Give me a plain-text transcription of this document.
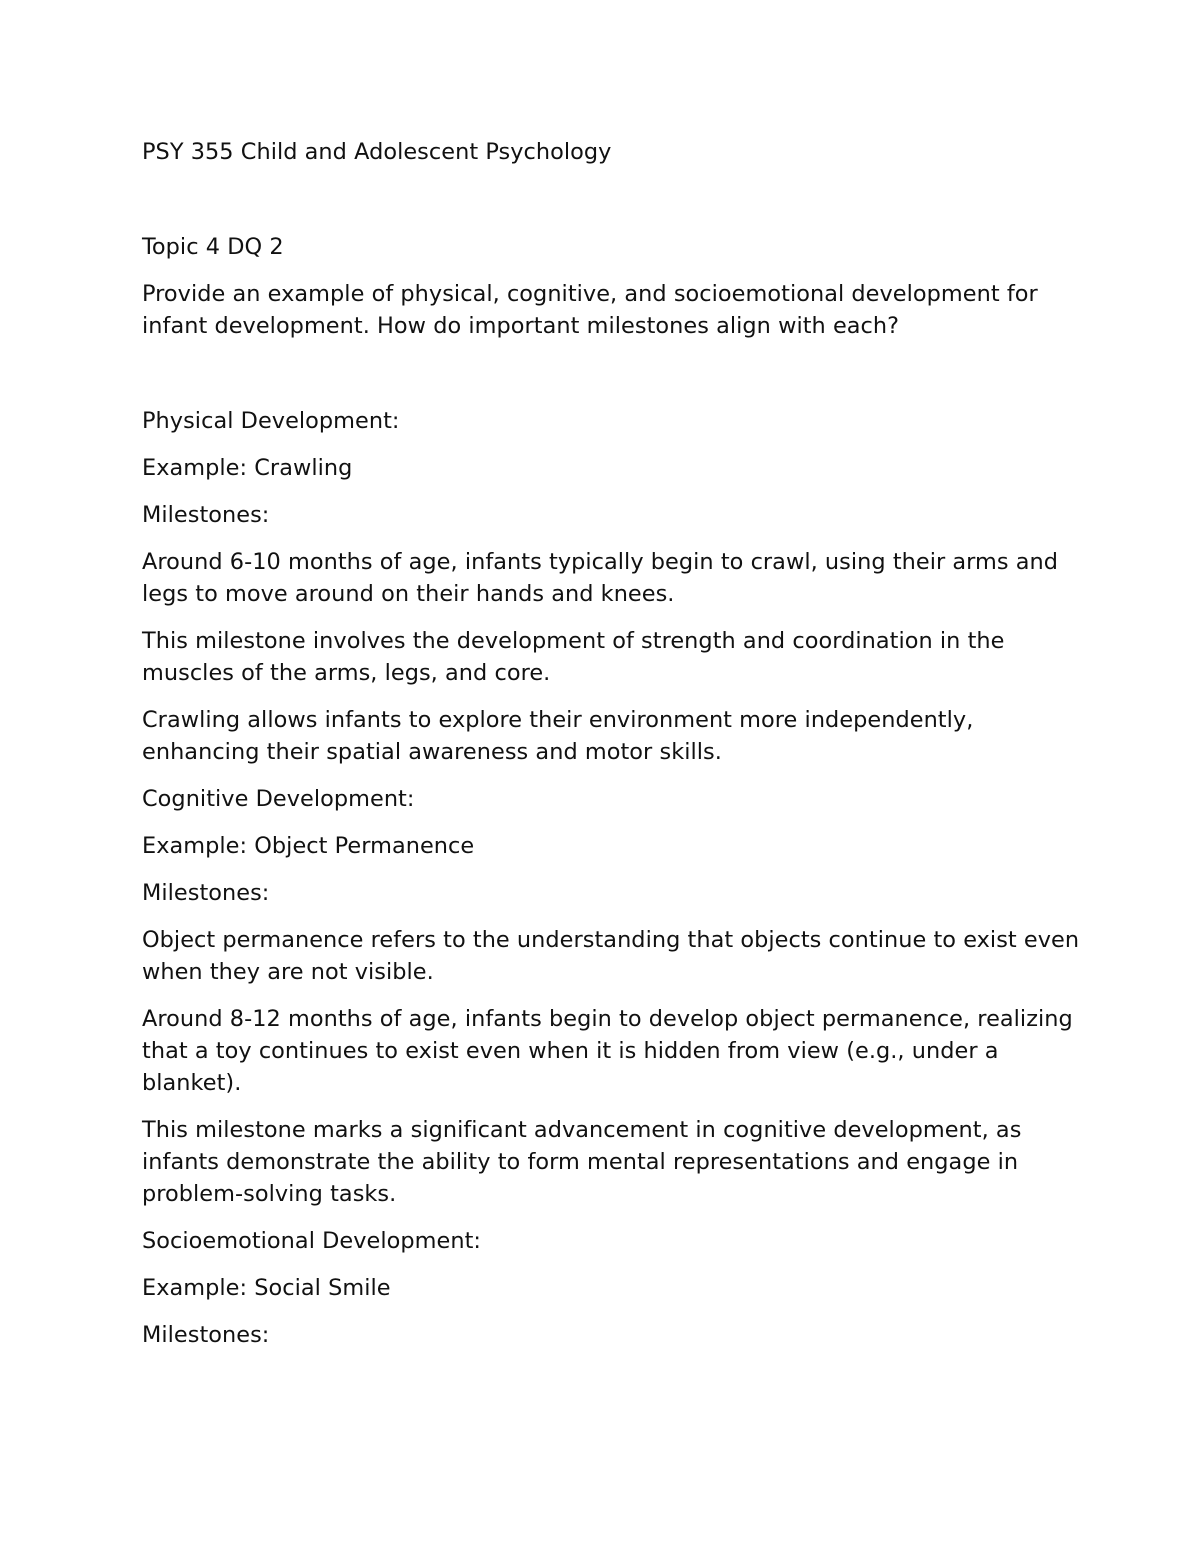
PSY 355 Child and Adolescent Psychology

Topic 4 DQ 2

Provide an example of physical, cognitive, and socioemotional development for infant development. How do important milestones align with each?

Physical Development:

Example: Crawling

Milestones:

Around 6-10 months of age, infants typically begin to crawl, using their arms and legs to move around on their hands and knees.

This milestone involves the development of strength and coordination in the muscles of the arms, legs, and core.

Crawling allows infants to explore their environment more independently, enhancing their spatial awareness and motor skills.

Cognitive Development:

Example: Object Permanence

Milestones:

Object permanence refers to the understanding that objects continue to exist even when they are not visible.

Around 8-12 months of age, infants begin to develop object permanence, realizing that a toy continues to exist even when it is hidden from view (e.g., under a blanket).

This milestone marks a significant advancement in cognitive development, as infants demonstrate the ability to form mental representations and engage in problem-solving tasks.

Socioemotional Development:

Example: Social Smile

Milestones:
